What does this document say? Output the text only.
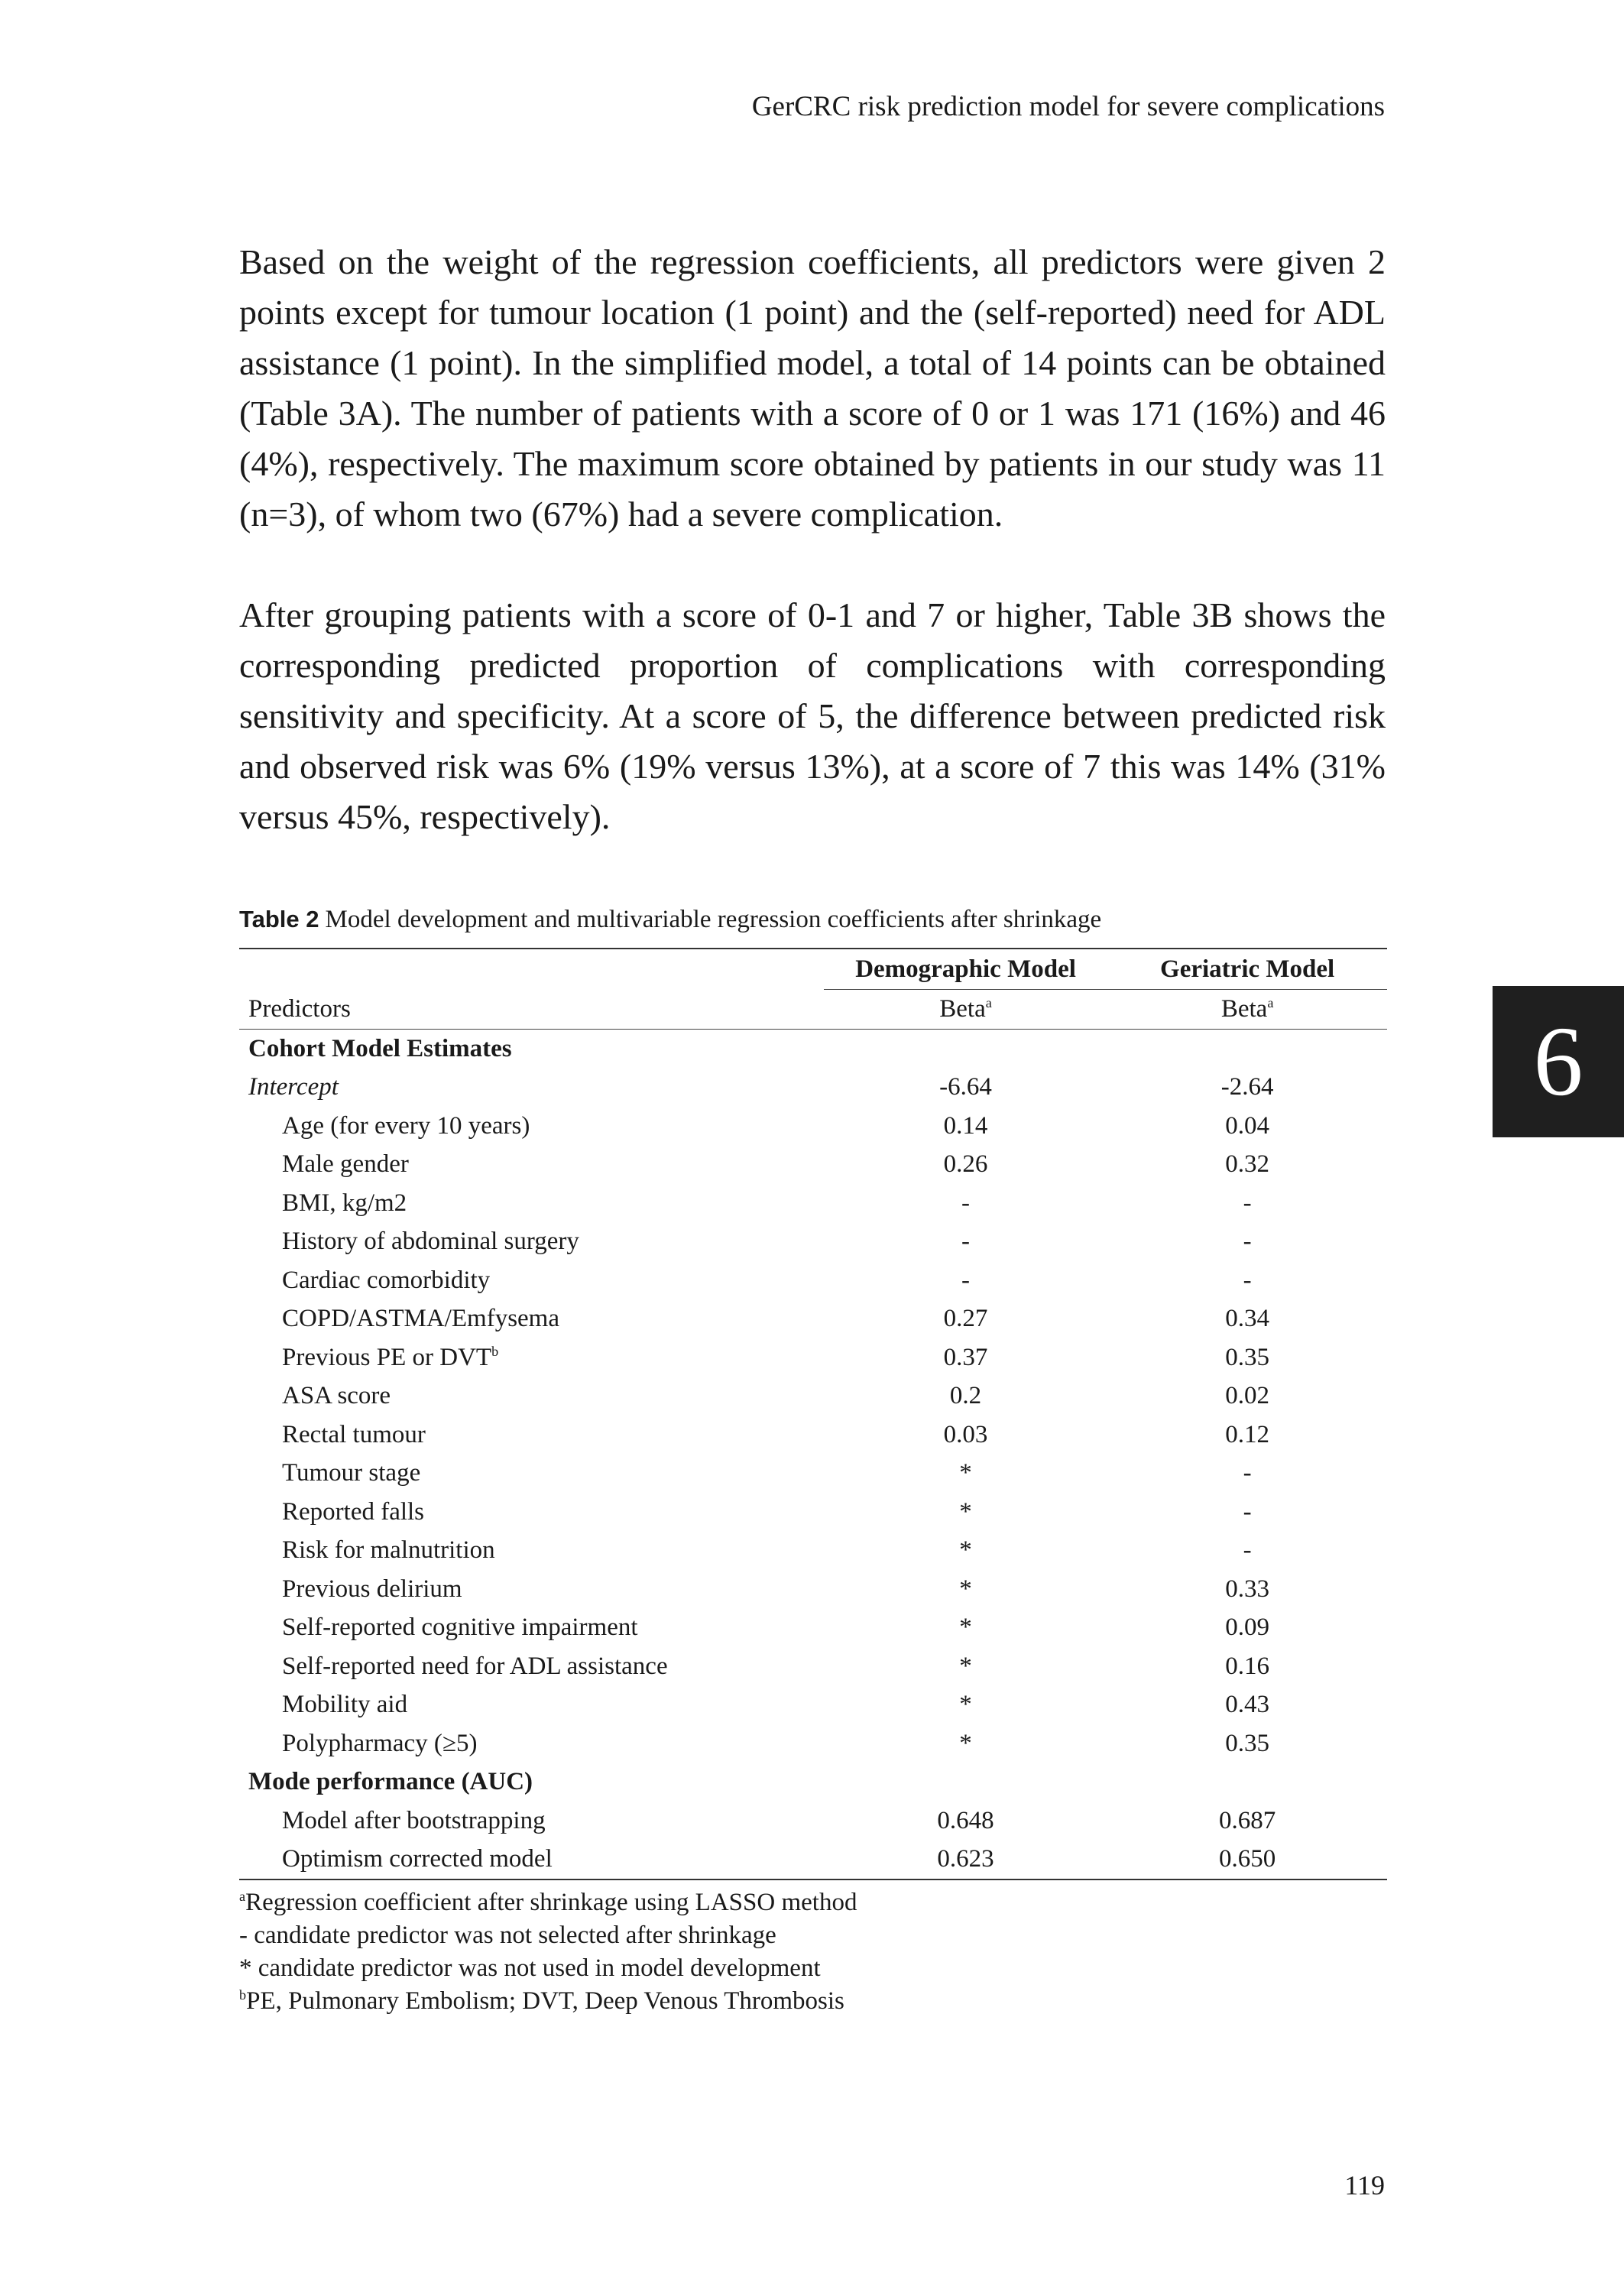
GerCRC risk prediction model for severe complications

Based on the weight of the regression coefficients, all predictors were given 2 points except for tumour location (1 point) and the (self-reported) need for ADL assistance (1 point). In the simplified model, a total of 14 points can be obtained (Table 3A). The number of patients with a score of 0 or 1 was 171 (16%) and 46 (4%), respectively. The maximum score obtained by patients in our study was 11 (n=3), of whom two (67%) had a severe complication.

After grouping patients with a score of 0-1 and 7 or higher, Table 3B shows the corresponding predicted proportion of complications with corresponding sensitivity and specificity. At a score of 5, the difference between predicted risk and observed risk was 6% (19% versus 13%), at a score of 7 this was 14% (31% versus 45%, respectively).

6
Table 2 Model development and multivariable regression coefficients after shrinkage
	Demographic Model	Geriatric Model
Predictors	Beta$^a$	Beta$^a$
Cohort Model Estimates		
Intercept	-6.64	-2.64
Age (for every 10 years)	0.14	0.04
Male gender	0.26	0.32
BMI, kg/m2	-	-
History of abdominal surgery	-	-
Cardiac comorbidity	-	-
COPD/ASTMA/Emfysema	0.27	0.34
Previous PE or DVT$^b$	0.37	0.35
ASA score	0.2	0.02
Rectal tumour	0.03	0.12
Tumour stage	*	-
Reported falls	*	-
Risk for malnutrition	*	-
Previous delirium	*	0.33
Self-reported cognitive impairment	*	0.09
Self-reported need for ADL assistance	*	0.16
Mobility aid	*	0.43
Polypharmacy (≥5)	*	0.35
Mode performance (AUC)		
Model after bootstrapping	0.648	0.687
Optimism corrected model	0.623	0.650
$^a$Regression coefficient after shrinkage using LASSO method
- candidate predictor was not selected after shrinkage
* candidate predictor was not used in model development
$^b$PE, Pulmonary Embolism; DVT, Deep Venous Thrombosis
119
